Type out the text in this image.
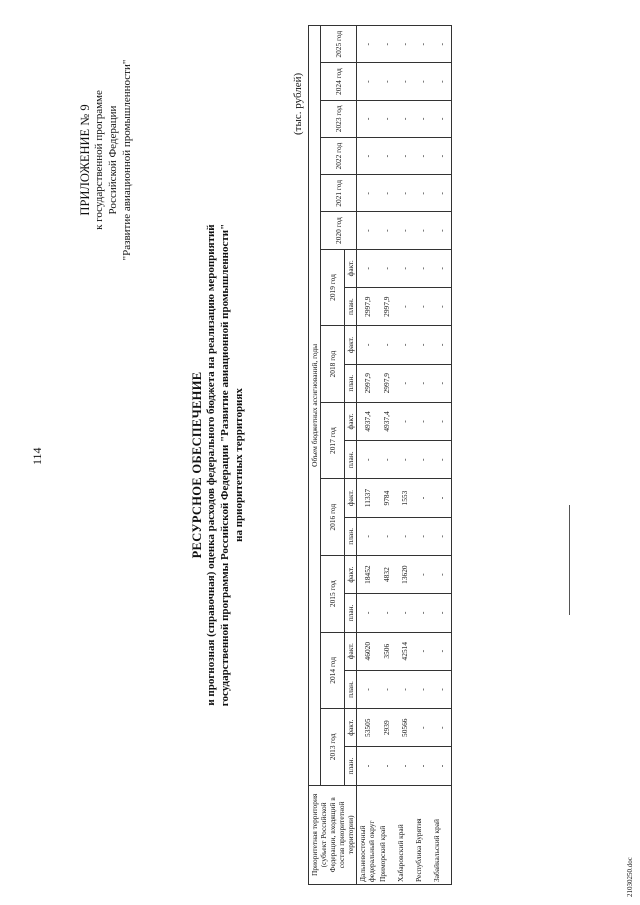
114
ПРИЛОЖЕНИЕ № 9 к государственной программе Российской Федерации "Развитие авиационной промышленности"
РЕСУРСНОЕ ОБЕСПЕЧЕНИЕ и прогнозная (справочная) оценка расходов федерального бюджета на реализацию мероприятий государственной программы Российской Федерации "Развитие авиационной промышленности" на приоритетных территориях
(тыс. рублей)
Приоритетная территория (субъект Российской Федерации, входящий в состав приоритетной территории)	Объем бюджетных ассигнований, годы																			
	2013 год		2014 год		2015 год		2016 год		2017 год		2018 год		2019 год		2020 год	2021 год	2022 год	2023 год	2024 год	2025 год
	план.	факт.	план.	факт.	план.	факт.	план.	факт.	план.	факт.	план.	факт.	план.	факт.						
Дальневосточный федеральный округ	-	53505	-	46020	-	18452	-	11337	-	4937,4	2997,9	-	2997,9	-	-	-	-	-	-	-
Приморский край	-	2939	-	3506	-	4832	-	9784	-	4937,4	2997,9	-	2997,9	-	-	-	-	-	-	-
Хабаровский край	-	50566	-	42514	-	13620	-	1553	-	-	-	-	-	-	-	-	-	-	-	-
Республика Бурятия	-	-	-	-	-	-	-	-	-	-	-	-	-	-	-	-	-	-	-	-
Забайкальский край	-	-	-	-	-	-	-	-	-	-	-	-	-	-	-	-	-	-	-	-
21030250.doc
